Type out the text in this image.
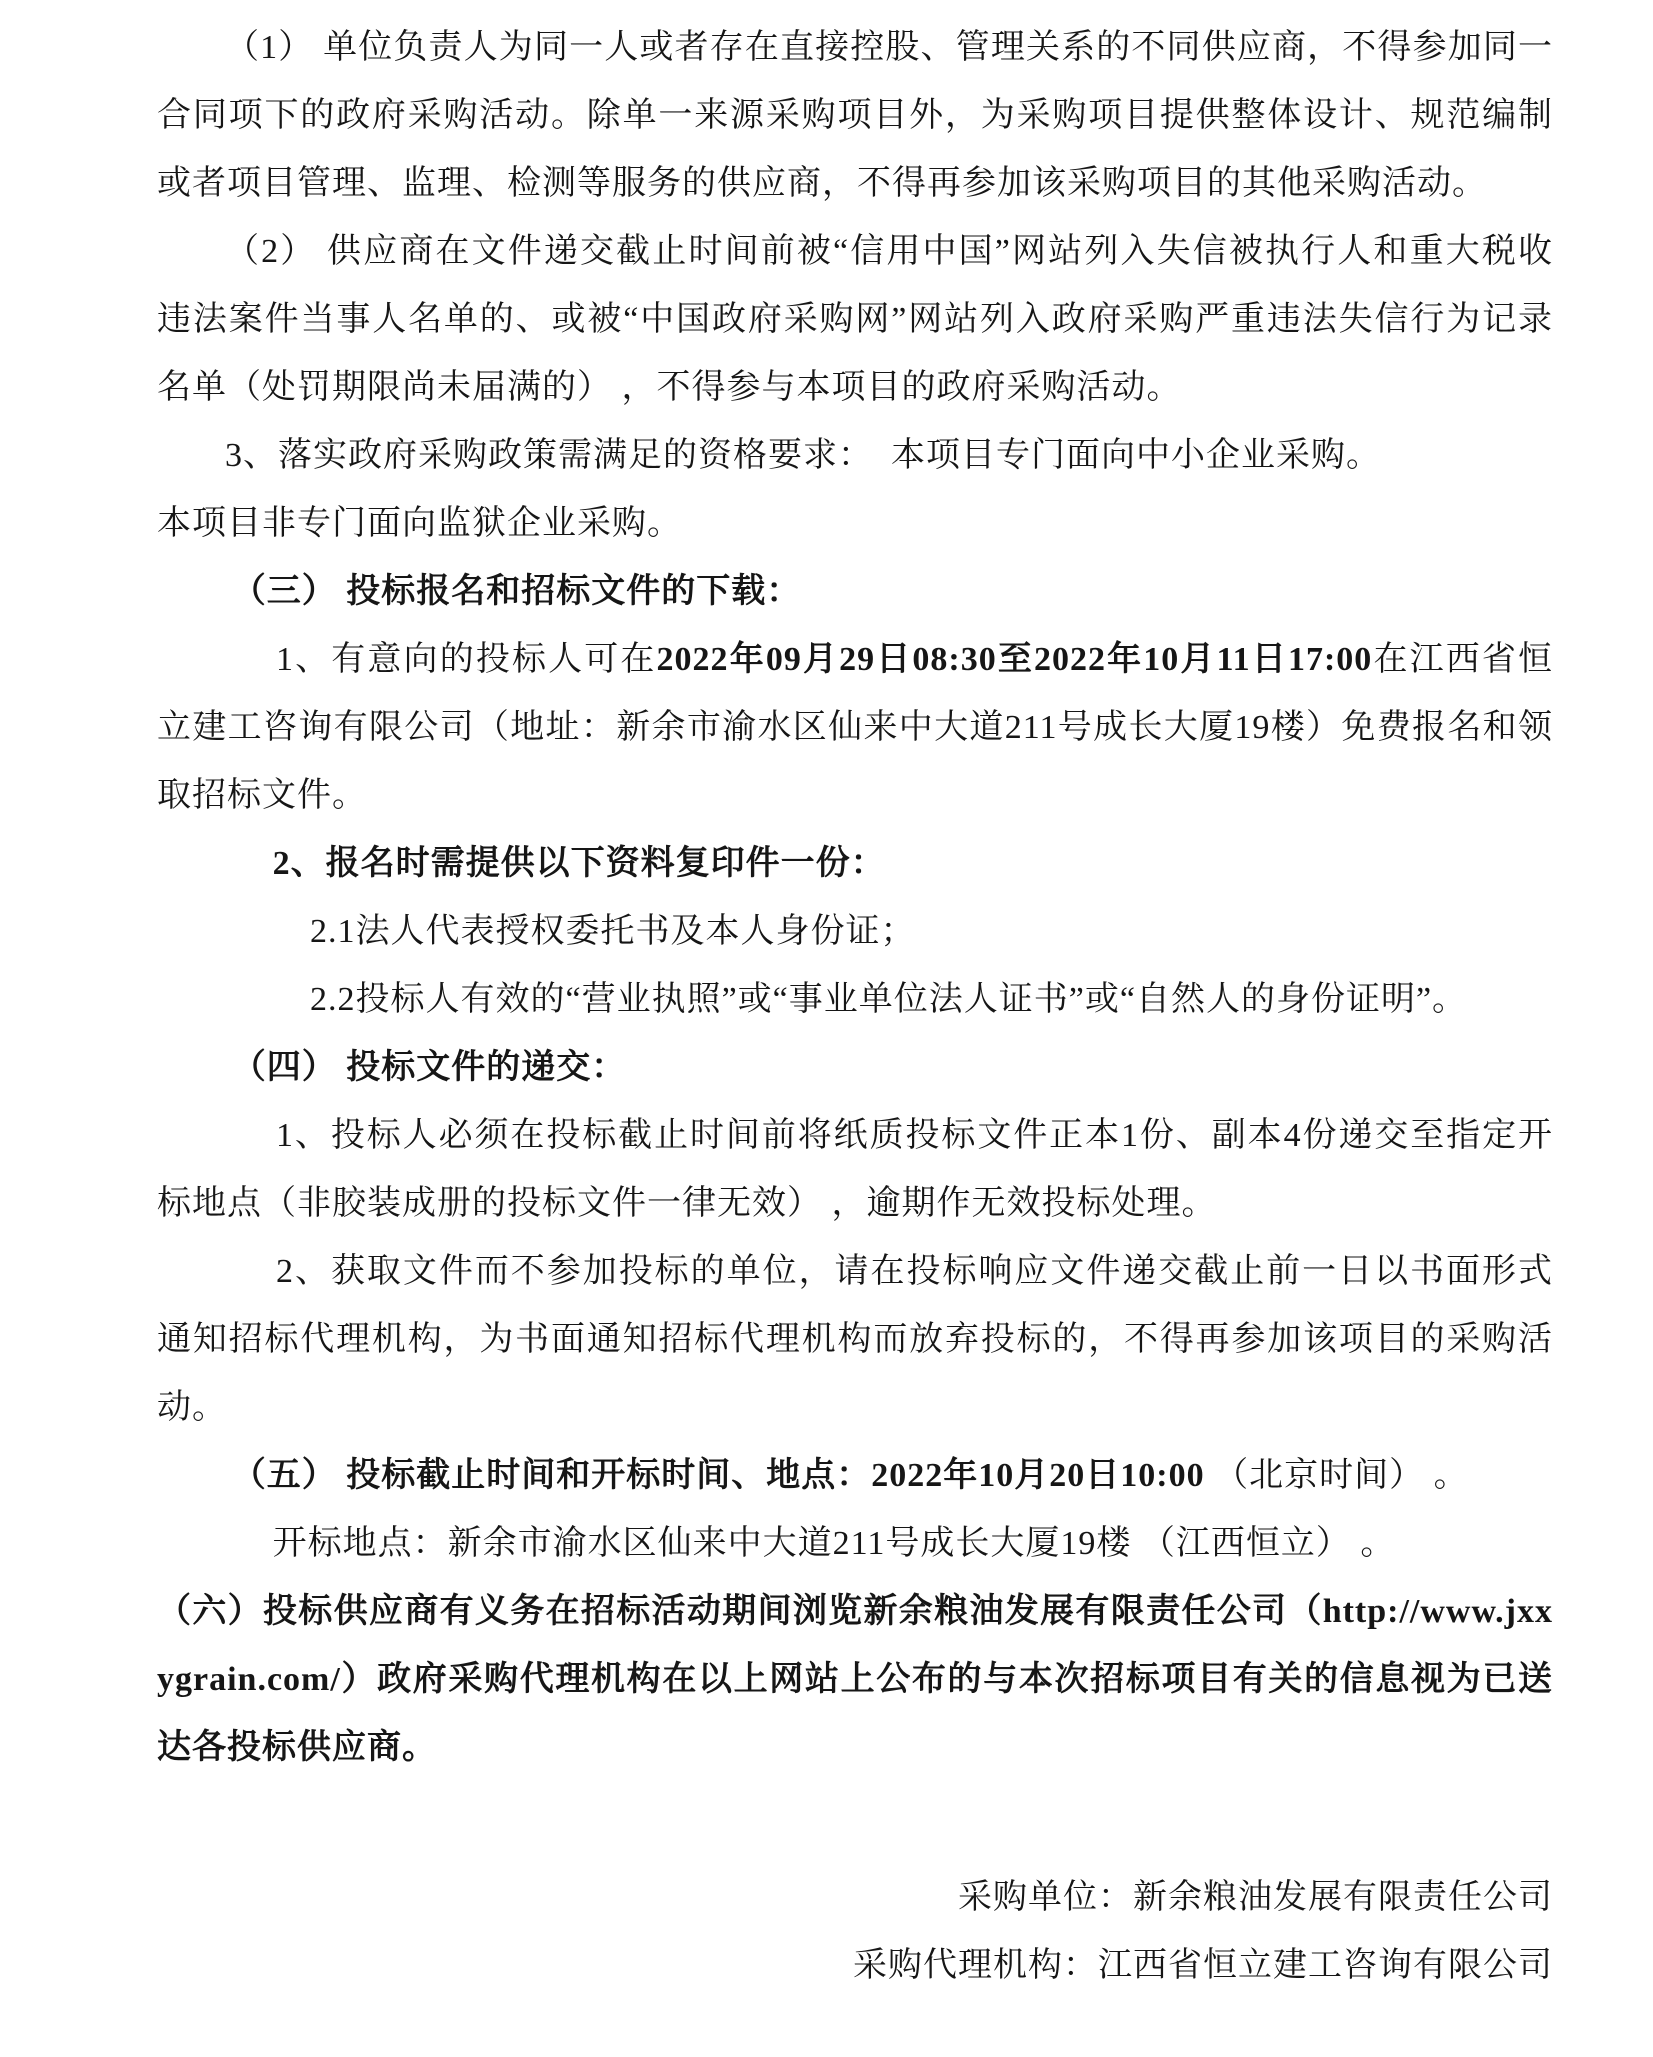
（1） 单位负责人为同一人或者存在直接控股、管理关系的不同供应商，不得参加同一合同项下的政府采购活动。除单一来源采购项目外，为采购项目提供整体设计、规范编制或者项目管理、监理、检测等服务的供应商，不得再参加该采购项目的其他采购活动。

（2） 供应商在文件递交截止时间前被“信用中国”网站列入失信被执行人和重大税收 违法案件当事人名单的、或被“中国政府采购网”网站列入政府采购严重违法失信行为记录 名单（处罚期限尚未届满的） ，不得参与本项目的政府采购活动。

3、落实政府采购政策需满足的资格要求：　 本项目专门面向中小企业采购。

本项目非专门面向监狱企业采购。

（三） 投标报名和招标文件的下载：

1、有意向的投标人可在2022年09月29日08:30至2022年10月11日17:00在江西省恒立建工咨询有限公司（地址：新余市渝水区仙来中大道211号成长大厦19楼）免费报名和领取招标文件。

2、报名时需提供以下资料复印件一份：

2.1法人代表授权委托书及本人身份证；

2.2投标人有效的“营业执照”或“事业单位法人证书”或“自然人的身份证明”。

（四） 投标文件的递交：

1、投标人必须在投标截止时间前将纸质投标文件正本1份、副本4份递交至指定开标地点（非胶装成册的投标文件一律无效） ，逾期作无效投标处理。

2、获取文件而不参加投标的单位，请在投标响应文件递交截止前一日以书面形式通知招标代理机构，为书面通知招标代理机构而放弃投标的，不得再参加该项目的采购活动。

（五） 投标截止时间和开标时间、地点：2022年10月20日10:00 （北京时间） 。

开标地点：新余市渝水区仙来中大道211号成长大厦19楼 （江西恒立） 。

（六）投标供应商有义务在招标活动期间浏览新余粮油发展有限责任公司（http://www.jxxygrain.com/）政府采购代理机构在以上网站上公布的与本次招标项目有关的信息视为已送达各投标供应商。

采购单位：新余粮油发展有限责任公司

采购代理机构：江西省恒立建工咨询有限公司
